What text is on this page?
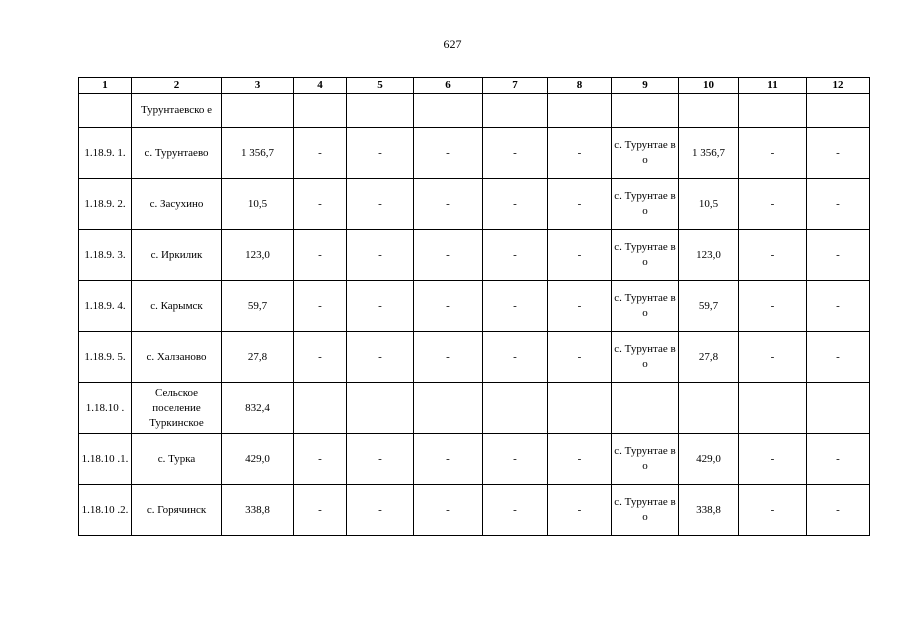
627
1	2	3	4	5	6	7	8	9	10	11	12
	Турунтаевско е										
1.18.9. 1.	с. Турунтаево	1 356,7	-	-	-	-	-	с. Турунтае во	1 356,7	-	-
1.18.9. 2.	с. Засухино	10,5	-	-	-	-	-	с. Турунтае во	10,5	-	-
1.18.9. 3.	с. Иркилик	123,0	-	-	-	-	-	с. Турунтае во	123,0	-	-
1.18.9. 4.	с. Карымск	59,7	-	-	-	-	-	с. Турунтае во	59,7	-	-
1.18.9. 5.	с. Халзаново	27,8	-	-	-	-	-	с. Турунтае во	27,8	-	-
1.18.10 .	Сельское поселение Туркинское	832,4									
1.18.10 .1.	с. Турка	429,0	-	-	-	-	-	с. Турунтае во	429,0	-	-
1.18.10 .2.	с. Горячинск	338,8	-	-	-	-	-	с. Турунтае во	338,8	-	-
